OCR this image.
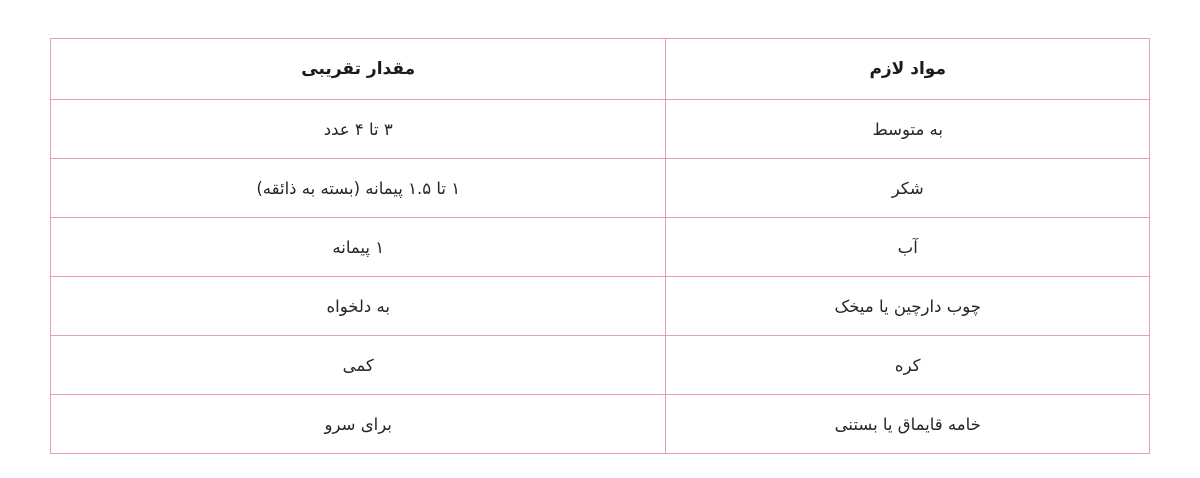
مواد لازم	مقدار تقریبی
به متوسط	۳ تا ۴ عدد
شکر	۱ تا ۱.۵ پیمانه (بسته به ذائقه)
آب	۱ پیمانه
چوب دارچین یا میخک	به دلخواه
کره	کمی
خامه قایماق یا بستنی	برای سرو
